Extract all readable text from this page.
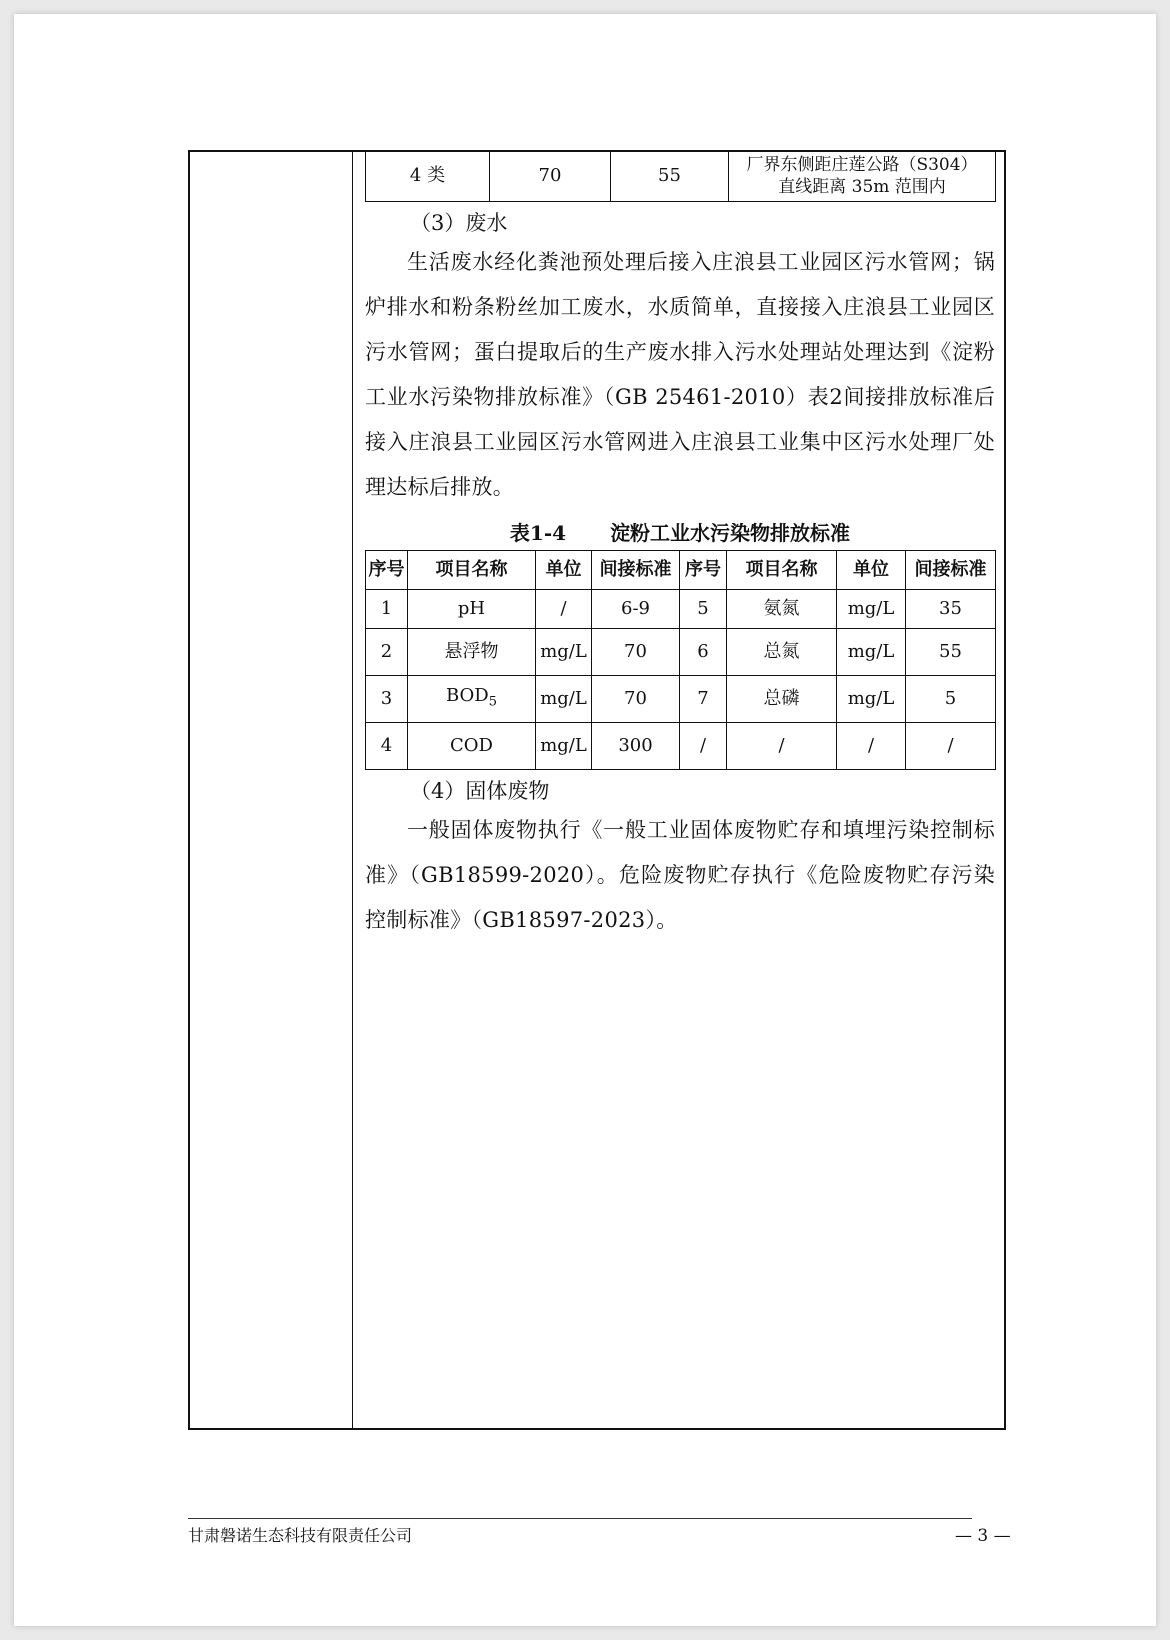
4 类	70	55	厂界东侧距庄莲公路（S304）
直线距离 35m 范围内
（3）废水

生活废水经化粪池预处理后接入庄浪县工业园区污水管网；锅炉排水和粉条粉丝加工废水，水质简单，直接接入庄浪县工业园区污水管网；蛋白提取后的生产废水排入污水处理站处理达到《淀粉工业水污染物排放标准》（GB 25461-2010）表2间接排放标准后接入庄浪县工业园区污水管网进入庄浪县工业集中区污水处理厂处理达标后排放。

表1-4 淀粉工业水污染物排放标准
序号	项目名称	单位	间接标准	序号	项目名称	单位	间接标准
1	pH	/	6-9	5	氨氮	mg/L	35
2	悬浮物	mg/L	70	6	总氮	mg/L	55
3	$BOD_5$	mg/L	70	7	总磷	mg/L	5
4	COD	mg/L	300	/	/	/	/
（4）固体废物

一般固体废物执行《一般工业固体废物贮存和填埋污染控制标准》（GB18599-2020）。危险废物贮存执行《危险废物贮存污染控制标准》（GB18597-2023）。

甘肃磐诺生态科技有限责任公司	— 3 —
